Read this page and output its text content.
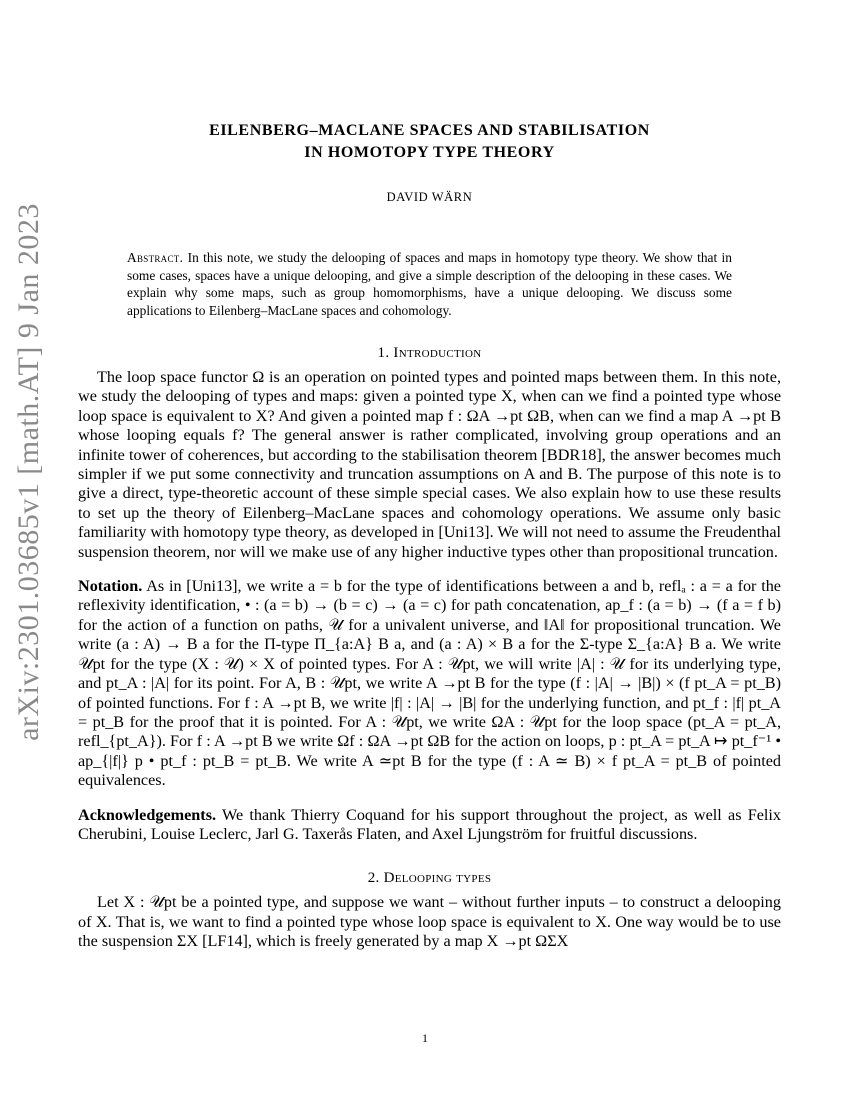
arXiv:2301.03685v1 [math.AT] 9 Jan 2023
EILENBERG–MACLANE SPACES AND STABILISATION
IN HOMOTOPY TYPE THEORY
DAVID WÄRN
Abstract. In this note, we study the delooping of spaces and maps in homotopy type theory. We show that in some cases, spaces have a unique delooping, and give a simple description of the delooping in these cases. We explain why some maps, such as group homomorphisms, have a unique delooping. We discuss some applications to Eilenberg–MacLane spaces and cohomology.
1. Introduction

The loop space functor Ω is an operation on pointed types and pointed maps between them. In this note, we study the delooping of types and maps: given a pointed type X, when can we find a pointed type whose loop space is equivalent to X? And given a pointed map f : ΩA →pt ΩB, when can we find a map A →pt B whose looping equals f? The general answer is rather complicated, involving group operations and an infinite tower of coherences, but according to the stabilisation theorem [BDR18], the answer becomes much simpler if we put some connectivity and truncation assumptions on A and B. The purpose of this note is to give a direct, type-theoretic account of these simple special cases. We also explain how to use these results to set up the theory of Eilenberg–MacLane spaces and cohomology operations. We assume only basic familiarity with homotopy type theory, as developed in [Uni13]. We will not need to assume the Freudenthal suspension theorem, nor will we make use of any higher inductive types other than propositional truncation.

Notation. As in [Uni13], we write a = b for the type of identifications between a and b, reflₐ : a = a for the reflexivity identification, • : (a = b) → (b = c) → (a = c) for path concatenation, ap_f : (a = b) → (f a = f b) for the action of a function on paths, 𝒰 for a univalent universe, and ‖A‖ for propositional truncation. We write (a : A) → B a for the Π-type Π_{a:A} B a, and (a : A) × B a for the Σ-type Σ_{a:A} B a. We write 𝒰pt for the type (X : 𝒰) × X of pointed types. For A : 𝒰pt, we will write |A| : 𝒰 for its underlying type, and pt_A : |A| for its point. For A, B : 𝒰pt, we write A →pt B for the type (f : |A| → |B|) × (f pt_A = pt_B) of pointed functions. For f : A →pt B, we write |f| : |A| → |B| for the underlying function, and pt_f : |f| pt_A = pt_B for the proof that it is pointed. For A : 𝒰pt, we write ΩA : 𝒰pt for the loop space (pt_A = pt_A, refl_{pt_A}). For f : A →pt B we write Ωf : ΩA →pt ΩB for the action on loops, p : pt_A = pt_A ↦ pt_f⁻¹ • ap_{|f|} p • pt_f : pt_B = pt_B. We write A ≃pt B for the type (f : A ≃ B) × f pt_A = pt_B of pointed equivalences.

Acknowledgements. We thank Thierry Coquand for his support throughout the project, as well as Felix Cherubini, Louise Leclerc, Jarl G. Taxerås Flaten, and Axel Ljungström for fruitful discussions.

2. Delooping types

Let X : 𝒰pt be a pointed type, and suppose we want – without further inputs – to construct a delooping of X. That is, we want to find a pointed type whose loop space is equivalent to X. One way would be to use the suspension ΣX [LF14], which is freely generated by a map X →pt ΩΣX

1
